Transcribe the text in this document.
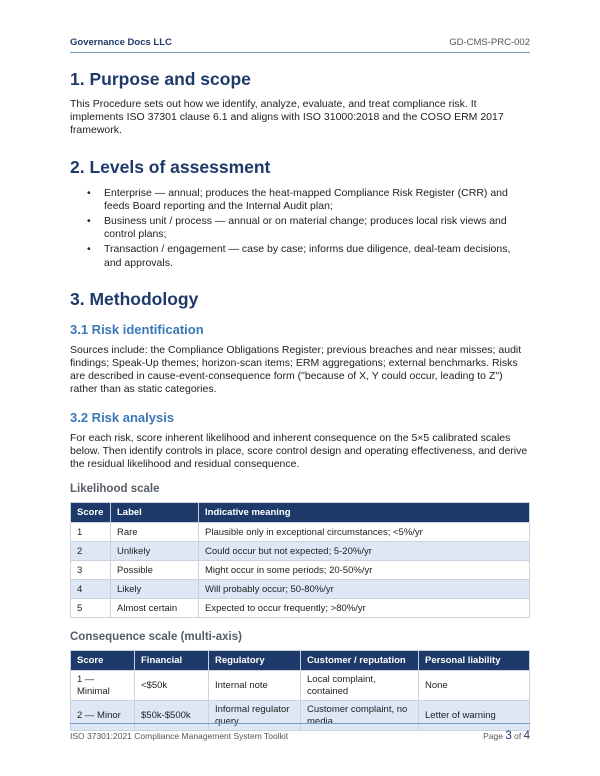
Governance Docs LLC	GD-CMS-PRC-002
1. Purpose and scope

This Procedure sets out how we identify, analyze, evaluate, and treat compliance risk. It implements ISO 37301 clause 6.1 and aligns with ISO 31000:2018 and the COSO ERM 2017 framework.

2. Levels of assessment
• Enterprise — annual; produces the heat-mapped Compliance Risk Register (CRR) and feeds Board reporting and the Internal Audit plan;
• Business unit / process — annual or on material change; produces local risk views and control plans;
• Transaction / engagement — case by case; informs due diligence, deal-team decisions, and approvals.
3. Methodology
3.1 Risk identification

Sources include: the Compliance Obligations Register; previous breaches and near misses; audit findings; Speak-Up themes; horizon-scan items; ERM aggregations; external benchmarks. Risks are described in cause-event-consequence form ("because of X, Y could occur, leading to Z") rather than as static categories.

3.2 Risk analysis

For each risk, score inherent likelihood and inherent consequence on the 5×5 calibrated scales below. Then identify controls in place, score control design and operating effectiveness, and derive the residual likelihood and residual consequence.

Likelihood scale
Score	Label	Indicative meaning
1	Rare	Plausible only in exceptional circumstances; <5%/yr
2	Unlikely	Could occur but not expected; 5-20%/yr
3	Possible	Might occur in some periods; 20-50%/yr
4	Likely	Will probably occur; 50-80%/yr
5	Almost certain	Expected to occur frequently; >80%/yr
Consequence scale (multi-axis)
Score	Financial	Regulatory	Customer / reputation	Personal liability
1 — Minimal	<$50k	Internal note	Local complaint, contained	None
2 — Minor	$50k-$500k	Informal regulator query	Customer complaint, no media	Letter of warning
ISO 37301:2021 Compliance Management System Toolkit	Page 3 of 4
